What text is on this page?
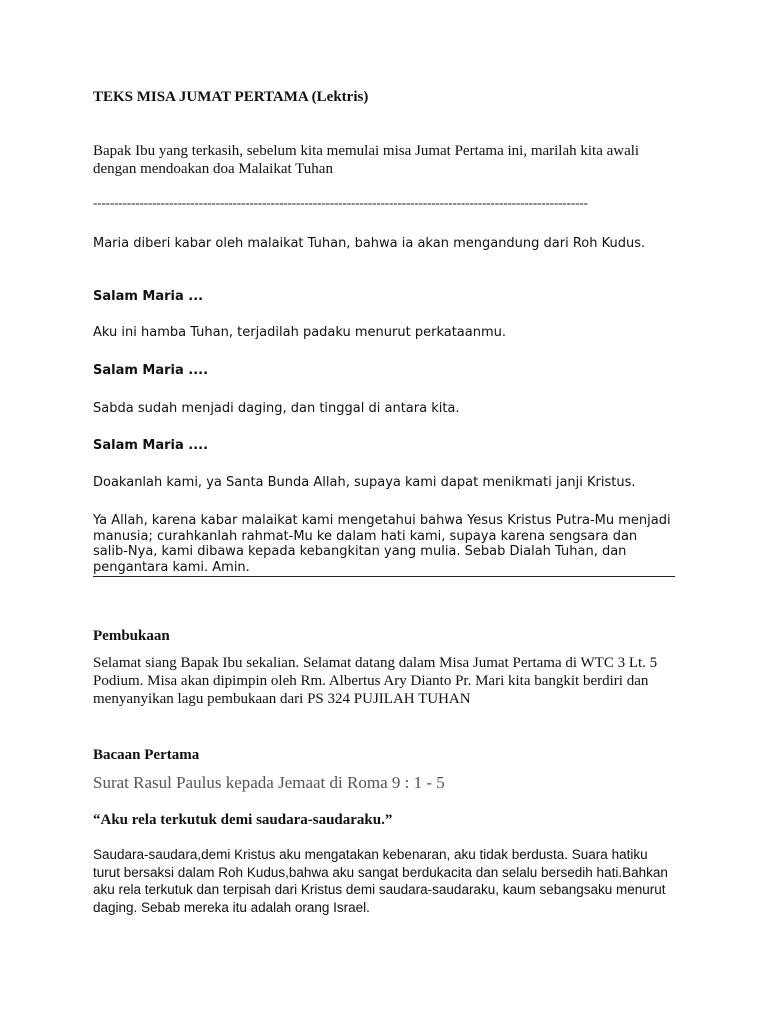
TEKS MISA JUMAT PERTAMA (Lektris)

Bapak Ibu yang terkasih, sebelum kita memulai misa Jumat Pertama ini, marilah kita awali dengan mendoakan doa Malaikat Tuhan

---------------------------------------------------------------------------------------------------------------------

Maria diberi kabar oleh malaikat Tuhan, bahwa ia akan mengandung dari Roh Kudus.

Salam Maria ...

Aku ini hamba Tuhan, terjadilah padaku menurut perkataanmu.

Salam Maria ....

Sabda sudah menjadi daging, dan tinggal di antara kita.

Salam Maria ....

Doakanlah kami, ya Santa Bunda Allah, supaya kami dapat menikmati janji Kristus.

Ya Allah, karena kabar malaikat kami mengetahui bahwa Yesus Kristus Putra-Mu menjadi manusia; curahkanlah rahmat-Mu ke dalam hati kami, supaya karena sengsara dan salib-Nya, kami dibawa kepada kebangkitan yang mulia. Sebab Dialah Tuhan, dan pengantara kami. Amin.

Pembukaan

Selamat siang Bapak Ibu sekalian. Selamat datang dalam Misa Jumat Pertama di WTC 3 Lt. 5 Podium. Misa akan dipimpin oleh Rm. Albertus Ary Dianto Pr. Mari kita bangkit berdiri dan menyanyikan lagu pembukaan dari PS 324 PUJILAH TUHAN

Bacaan Pertama

Surat Rasul Paulus kepada Jemaat di Roma 9 : 1 - 5

“Aku rela terkutuk demi saudara-saudaraku.”

Saudara-saudara,demi Kristus aku mengatakan kebenaran, aku tidak berdusta. Suara hatiku turut bersaksi dalam Roh Kudus,bahwa aku sangat berdukacita dan selalu bersedih hati.Bahkan aku rela terkutuk dan terpisah dari Kristus demi saudara-saudaraku, kaum sebangsaku menurut daging. Sebab mereka itu adalah orang Israel.
